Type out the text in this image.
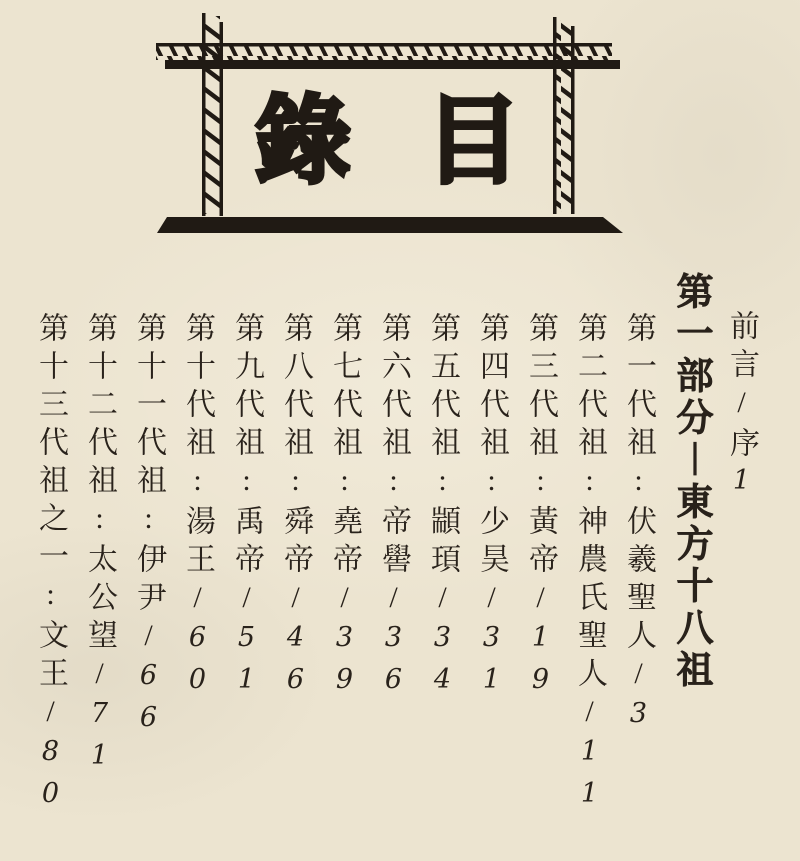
錄 目
前言/序1
第一部分︱東方十八祖
第一代祖:伏羲聖人/3
第二代祖:神農氏聖人/11
第三代祖:黃帝/19
第四代祖:少昊/31
第五代祖:顓頊/34
第六代祖:帝嚳/36
第七代祖:堯帝/39
第八代祖:舜帝/46
第九代祖:禹帝/51
第十代祖:湯王/60
第十一代祖:伊尹/66
第十二代祖:太公望/71
第十三代祖之一:文王/80
